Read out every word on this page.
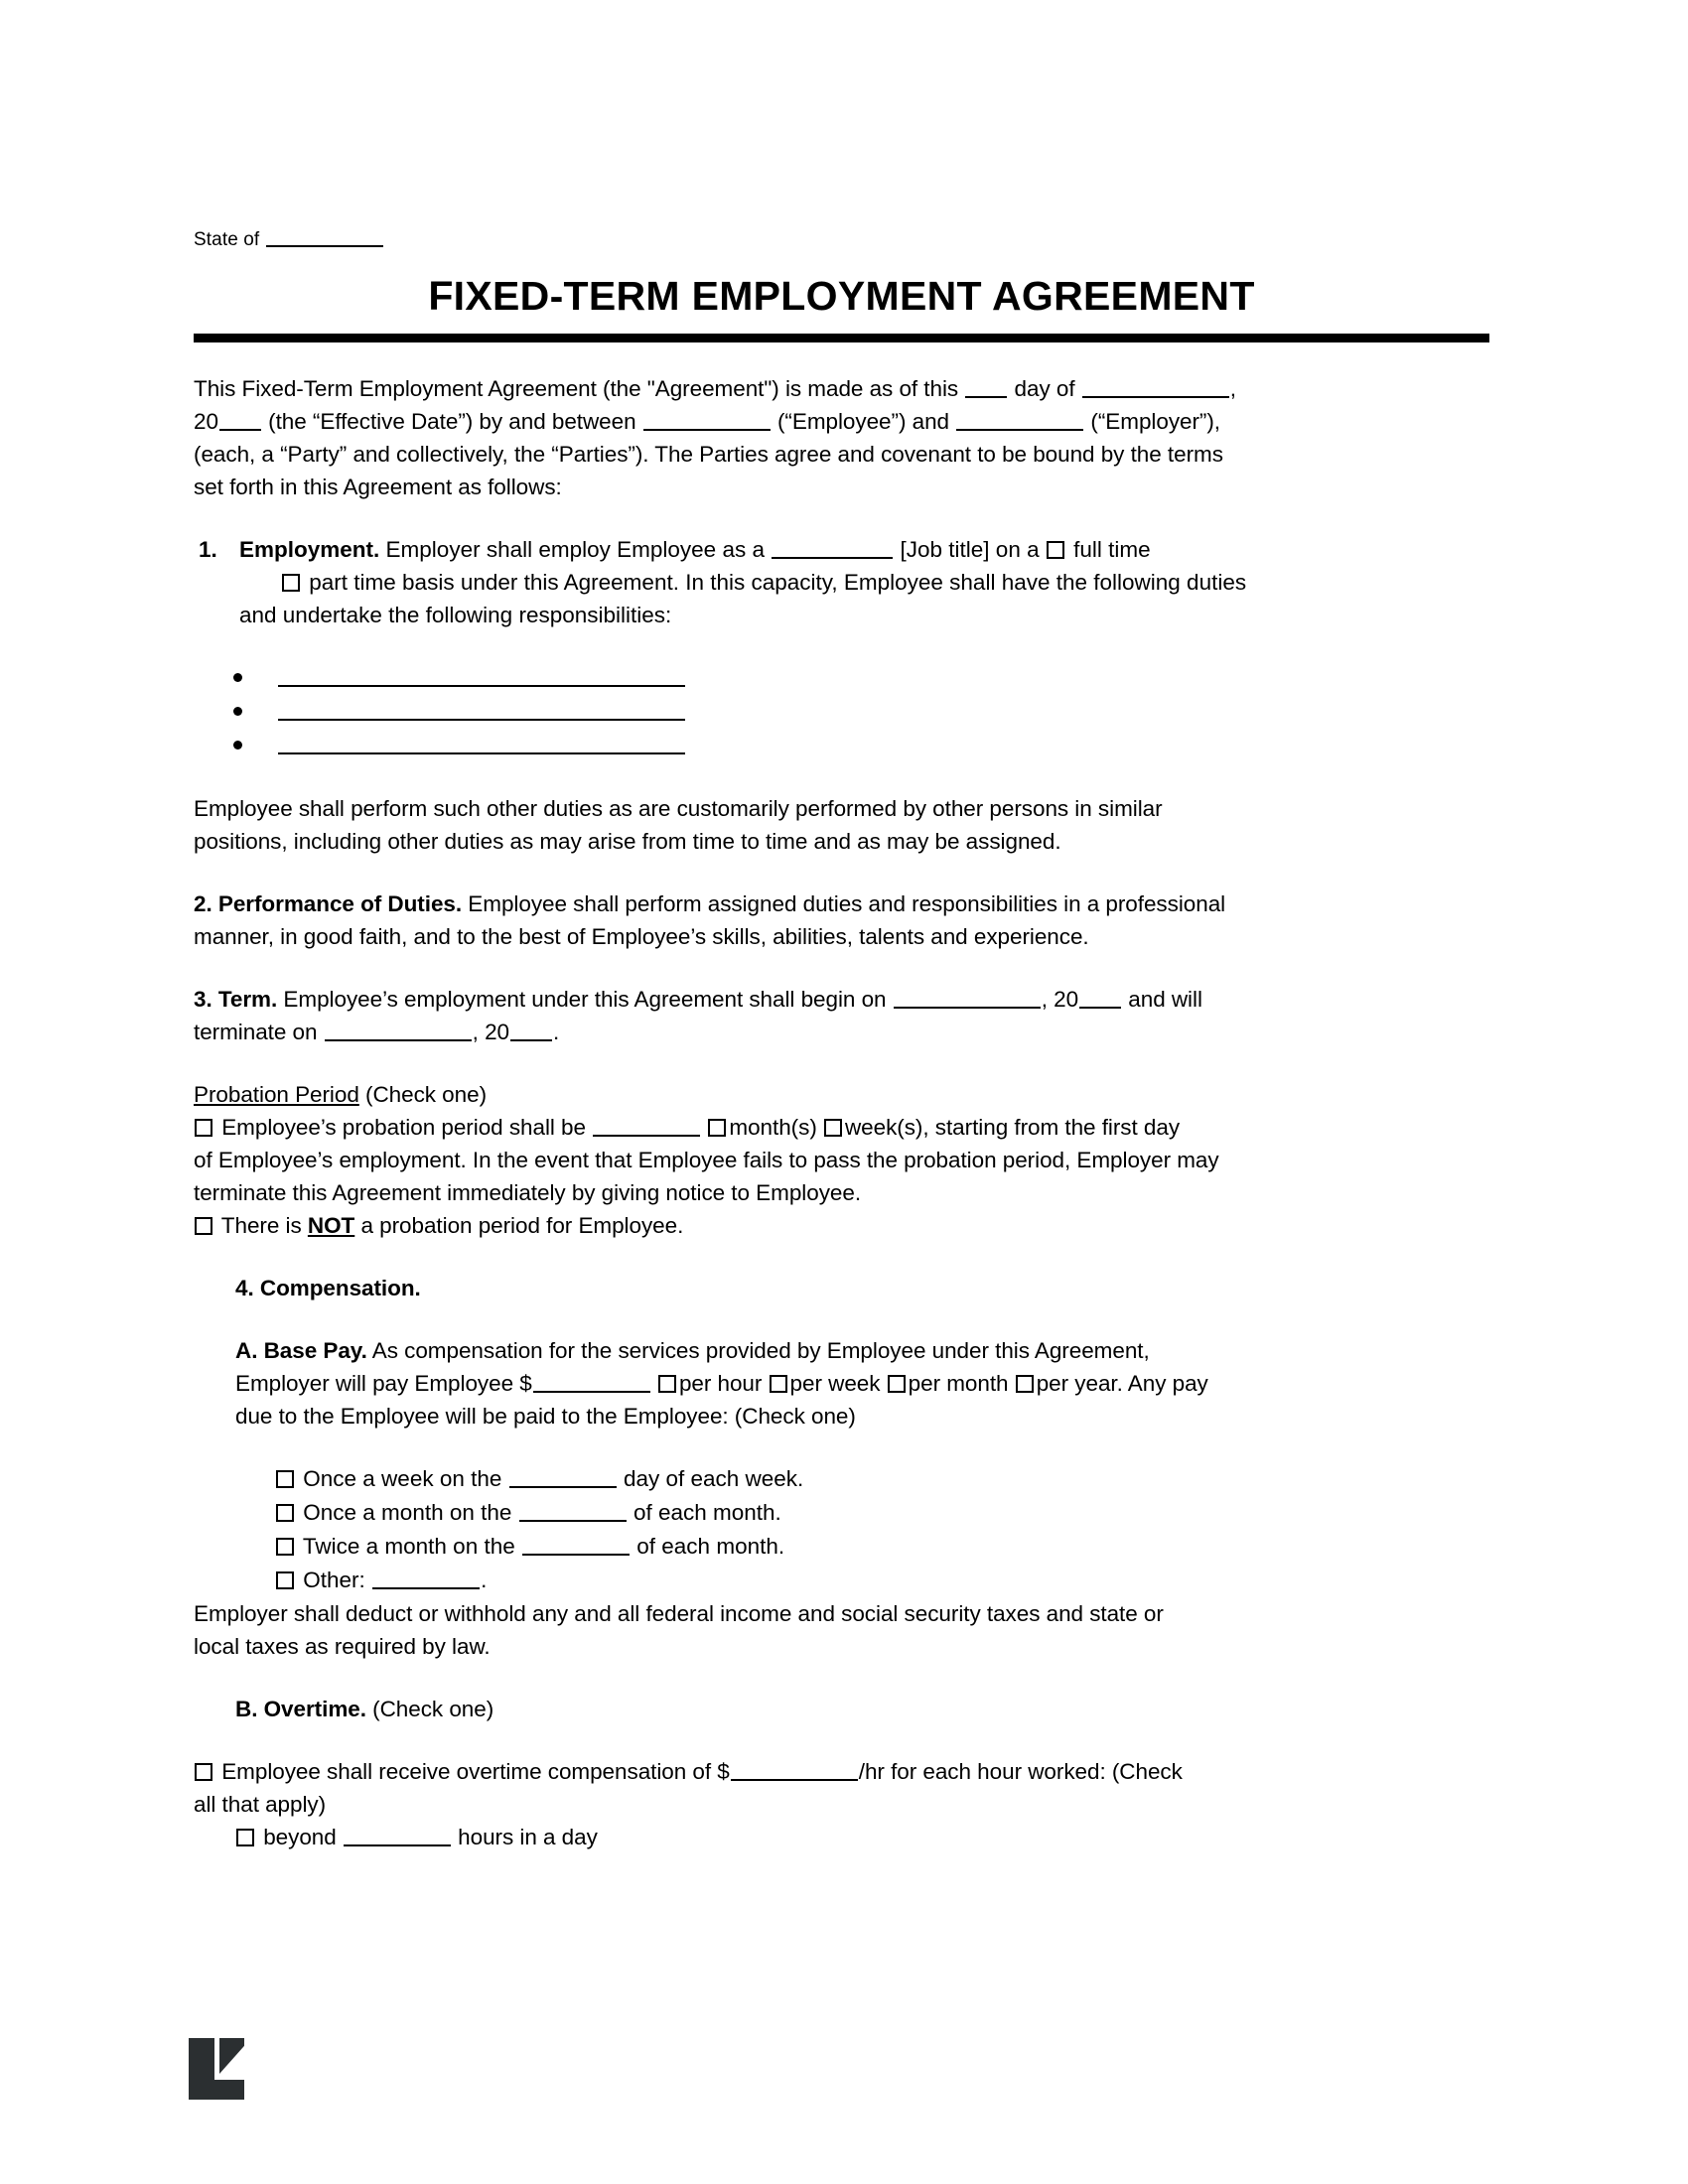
State of
FIXED-TERM EMPLOYMENT AGREEMENT
This Fixed-Term Employment Agreement (the "Agreement") is made as of this	day of	,
20 (the “Effective Date”) by and between	(“Employee”) and	(“Employer”),
(each, a “Party” and collectively, the “Parties”). The Parties agree and covenant to be bound by the terms
set forth in this Agreement as follows:
1. Employment. Employer shall employ Employee as a	[Job title] on a full time
part time basis under this Agreement. In this capacity, Employee shall have the following duties
and undertake the following responsibilities:
Employee shall perform such other duties as are customarily performed by other persons in similar
positions, including other duties as may arise from time to time and as may be assigned.
2. Performance of Duties. Employee shall perform assigned duties and responsibilities in a professional
manner, in good faith, and to the best of Employee’s skills, abilities, talents and experience.
3. Term. Employee’s employment under this Agreement shall begin on	, 20 and will
terminate on	, 20 .
Probation Period (Check one)
Employee’s probation period shall be	month(s) week(s), starting from the first day
of Employee’s employment. In the event that Employee fails to pass the probation period, Employer may
terminate this Agreement immediately by giving notice to Employee.
There is NOT a probation period for Employee.
4. Compensation.
A. Base Pay. As compensation for the services provided by Employee under this Agreement,
Employer will pay Employee $	per hour per week per month per year. Any pay
due to the Employee will be paid to the Employee: (Check one)
Once a week on the	day of each week.
Once a month on the	of each month.
Twice a month on the	of each month.
Other:	.
Employer shall deduct or withhold any and all federal income and social security taxes and state or
local taxes as required by law.
B. Overtime. (Check one)
Employee shall receive overtime compensation of $	/hr for each hour worked: (Check
all that apply)
beyond	hours in a day
